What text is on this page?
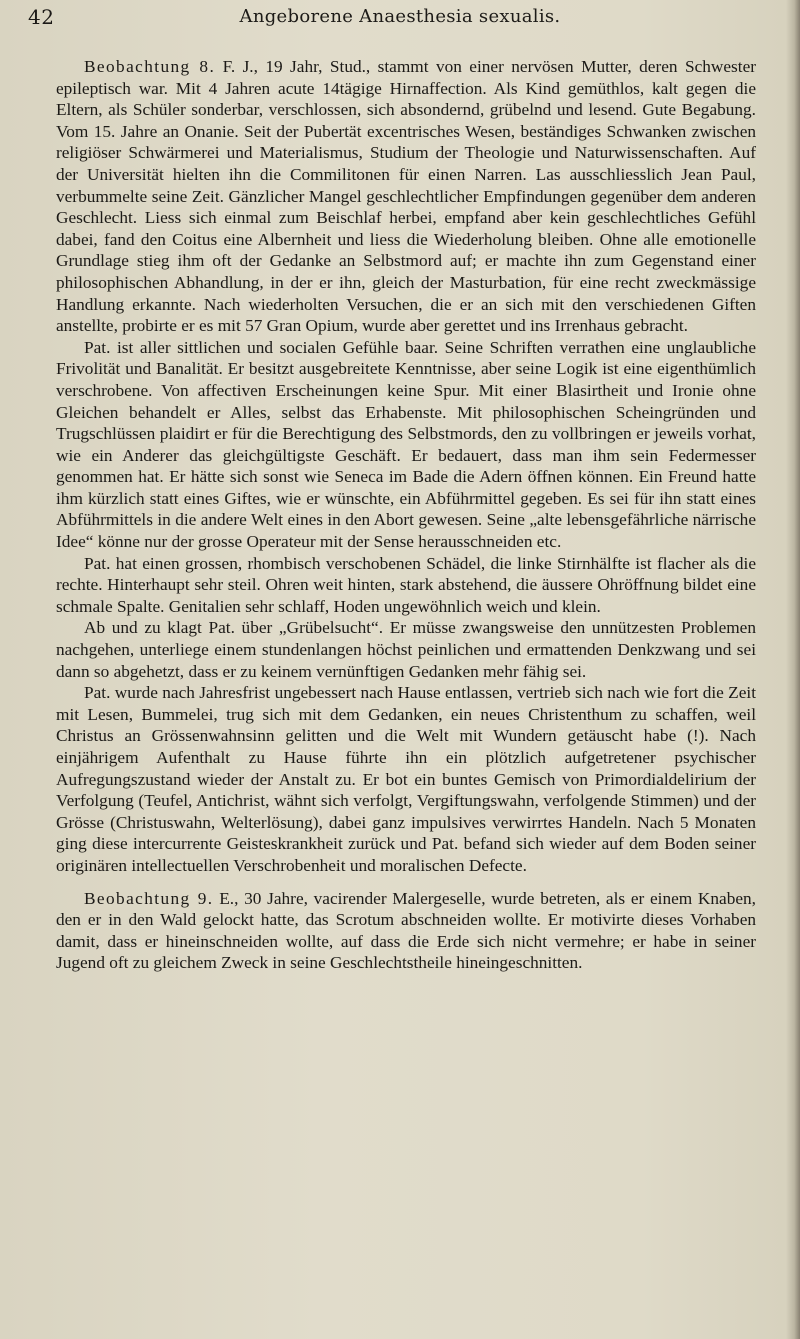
42	Angeborene Anaesthesia sexualis.

Beobachtung 8. F. J., 19 Jahr, Stud., stammt von einer nervösen Mutter, deren Schwester epileptisch war. Mit 4 Jahren acute 14tägige Hirnaffection. Als Kind gemüthlos, kalt gegen die Eltern, als Schüler sonderbar, verschlossen, sich absondernd, grübelnd und lesend. Gute Begabung. Vom 15. Jahre an Onanie. Seit der Pubertät excentrisches Wesen, beständiges Schwanken zwischen religiöser Schwärmerei und Materialismus, Studium der Theologie und Naturwissenschaften. Auf der Universität hielten ihn die Commilitonen für einen Narren. Las ausschliesslich Jean Paul, verbummelte seine Zeit. Gänzlicher Mangel geschlechtlicher Empfindungen gegenüber dem anderen Geschlecht. Liess sich einmal zum Beischlaf herbei, empfand aber kein geschlechtliches Gefühl dabei, fand den Coitus eine Albernheit und liess die Wiederholung bleiben. Ohne alle emotionelle Grundlage stieg ihm oft der Gedanke an Selbstmord auf; er machte ihn zum Gegenstand einer philosophischen Abhandlung, in der er ihn, gleich der Masturbation, für eine recht zweckmässige Handlung erkannte. Nach wiederholten Versuchen, die er an sich mit den verschiedenen Giften anstellte, probirte er es mit 57 Gran Opium, wurde aber gerettet und ins Irrenhaus gebracht.

Pat. ist aller sittlichen und socialen Gefühle baar. Seine Schriften verrathen eine unglaubliche Frivolität und Banalität. Er besitzt ausgebreitete Kenntnisse, aber seine Logik ist eine eigenthümlich verschrobene. Von affectiven Erscheinungen keine Spur. Mit einer Blasirtheit und Ironie ohne Gleichen behandelt er Alles, selbst das Erhabenste. Mit philosophischen Scheingründen und Trugschlüssen plaidirt er für die Berechtigung des Selbstmords, den zu vollbringen er jeweils vorhat, wie ein Anderer das gleichgültigste Geschäft. Er bedauert, dass man ihm sein Federmesser genommen hat. Er hätte sich sonst wie Seneca im Bade die Adern öffnen können. Ein Freund hatte ihm kürzlich statt eines Giftes, wie er wünschte, ein Abführmittel gegeben. Es sei für ihn statt eines Abführmittels in die andere Welt eines in den Abort gewesen. Seine „alte lebensgefährliche närrische Idee“ könne nur der grosse Operateur mit der Sense herausschneiden etc.

Pat. hat einen grossen, rhombisch verschobenen Schädel, die linke Stirnhälfte ist flacher als die rechte. Hinterhaupt sehr steil. Ohren weit hinten, stark abstehend, die äussere Ohröffnung bildet eine schmale Spalte. Genitalien sehr schlaff, Hoden ungewöhnlich weich und klein.

Ab und zu klagt Pat. über „Grübelsucht“. Er müsse zwangsweise den unnützesten Problemen nachgehen, unterliege einem stundenlangen höchst peinlichen und ermattenden Denkzwang und sei dann so abgehetzt, dass er zu keinem vernünftigen Gedanken mehr fähig sei.

Pat. wurde nach Jahresfrist ungebessert nach Hause entlassen, vertrieb sich nach wie fort die Zeit mit Lesen, Bummelei, trug sich mit dem Gedanken, ein neues Christenthum zu schaffen, weil Christus an Grössenwahnsinn gelitten und die Welt mit Wundern getäuscht habe (!). Nach einjährigem Aufenthalt zu Hause führte ihn ein plötzlich aufgetretener psychischer Aufregungszustand wieder der Anstalt zu. Er bot ein buntes Gemisch von Primordialdelirium der Verfolgung (Teufel, Antichrist, wähnt sich verfolgt, Vergiftungswahn, verfolgende Stimmen) und der Grösse (Christuswahn, Welterlösung), dabei ganz impulsives verwirrtes Handeln. Nach 5 Monaten ging diese intercurrente Geisteskrankheit zurück und Pat. befand sich wieder auf dem Boden seiner originären intellectuellen Verschrobenheit und moralischen Defecte.

Beobachtung 9. E., 30 Jahre, vacirender Malergeselle, wurde betreten, als er einem Knaben, den er in den Wald gelockt hatte, das Scrotum abschneiden wollte. Er motivirte dieses Vorhaben damit, dass er hineinschneiden wollte, auf dass die Erde sich nicht vermehre; er habe in seiner Jugend oft zu gleichem Zweck in seine Geschlechtstheile hineingeschnitten.
